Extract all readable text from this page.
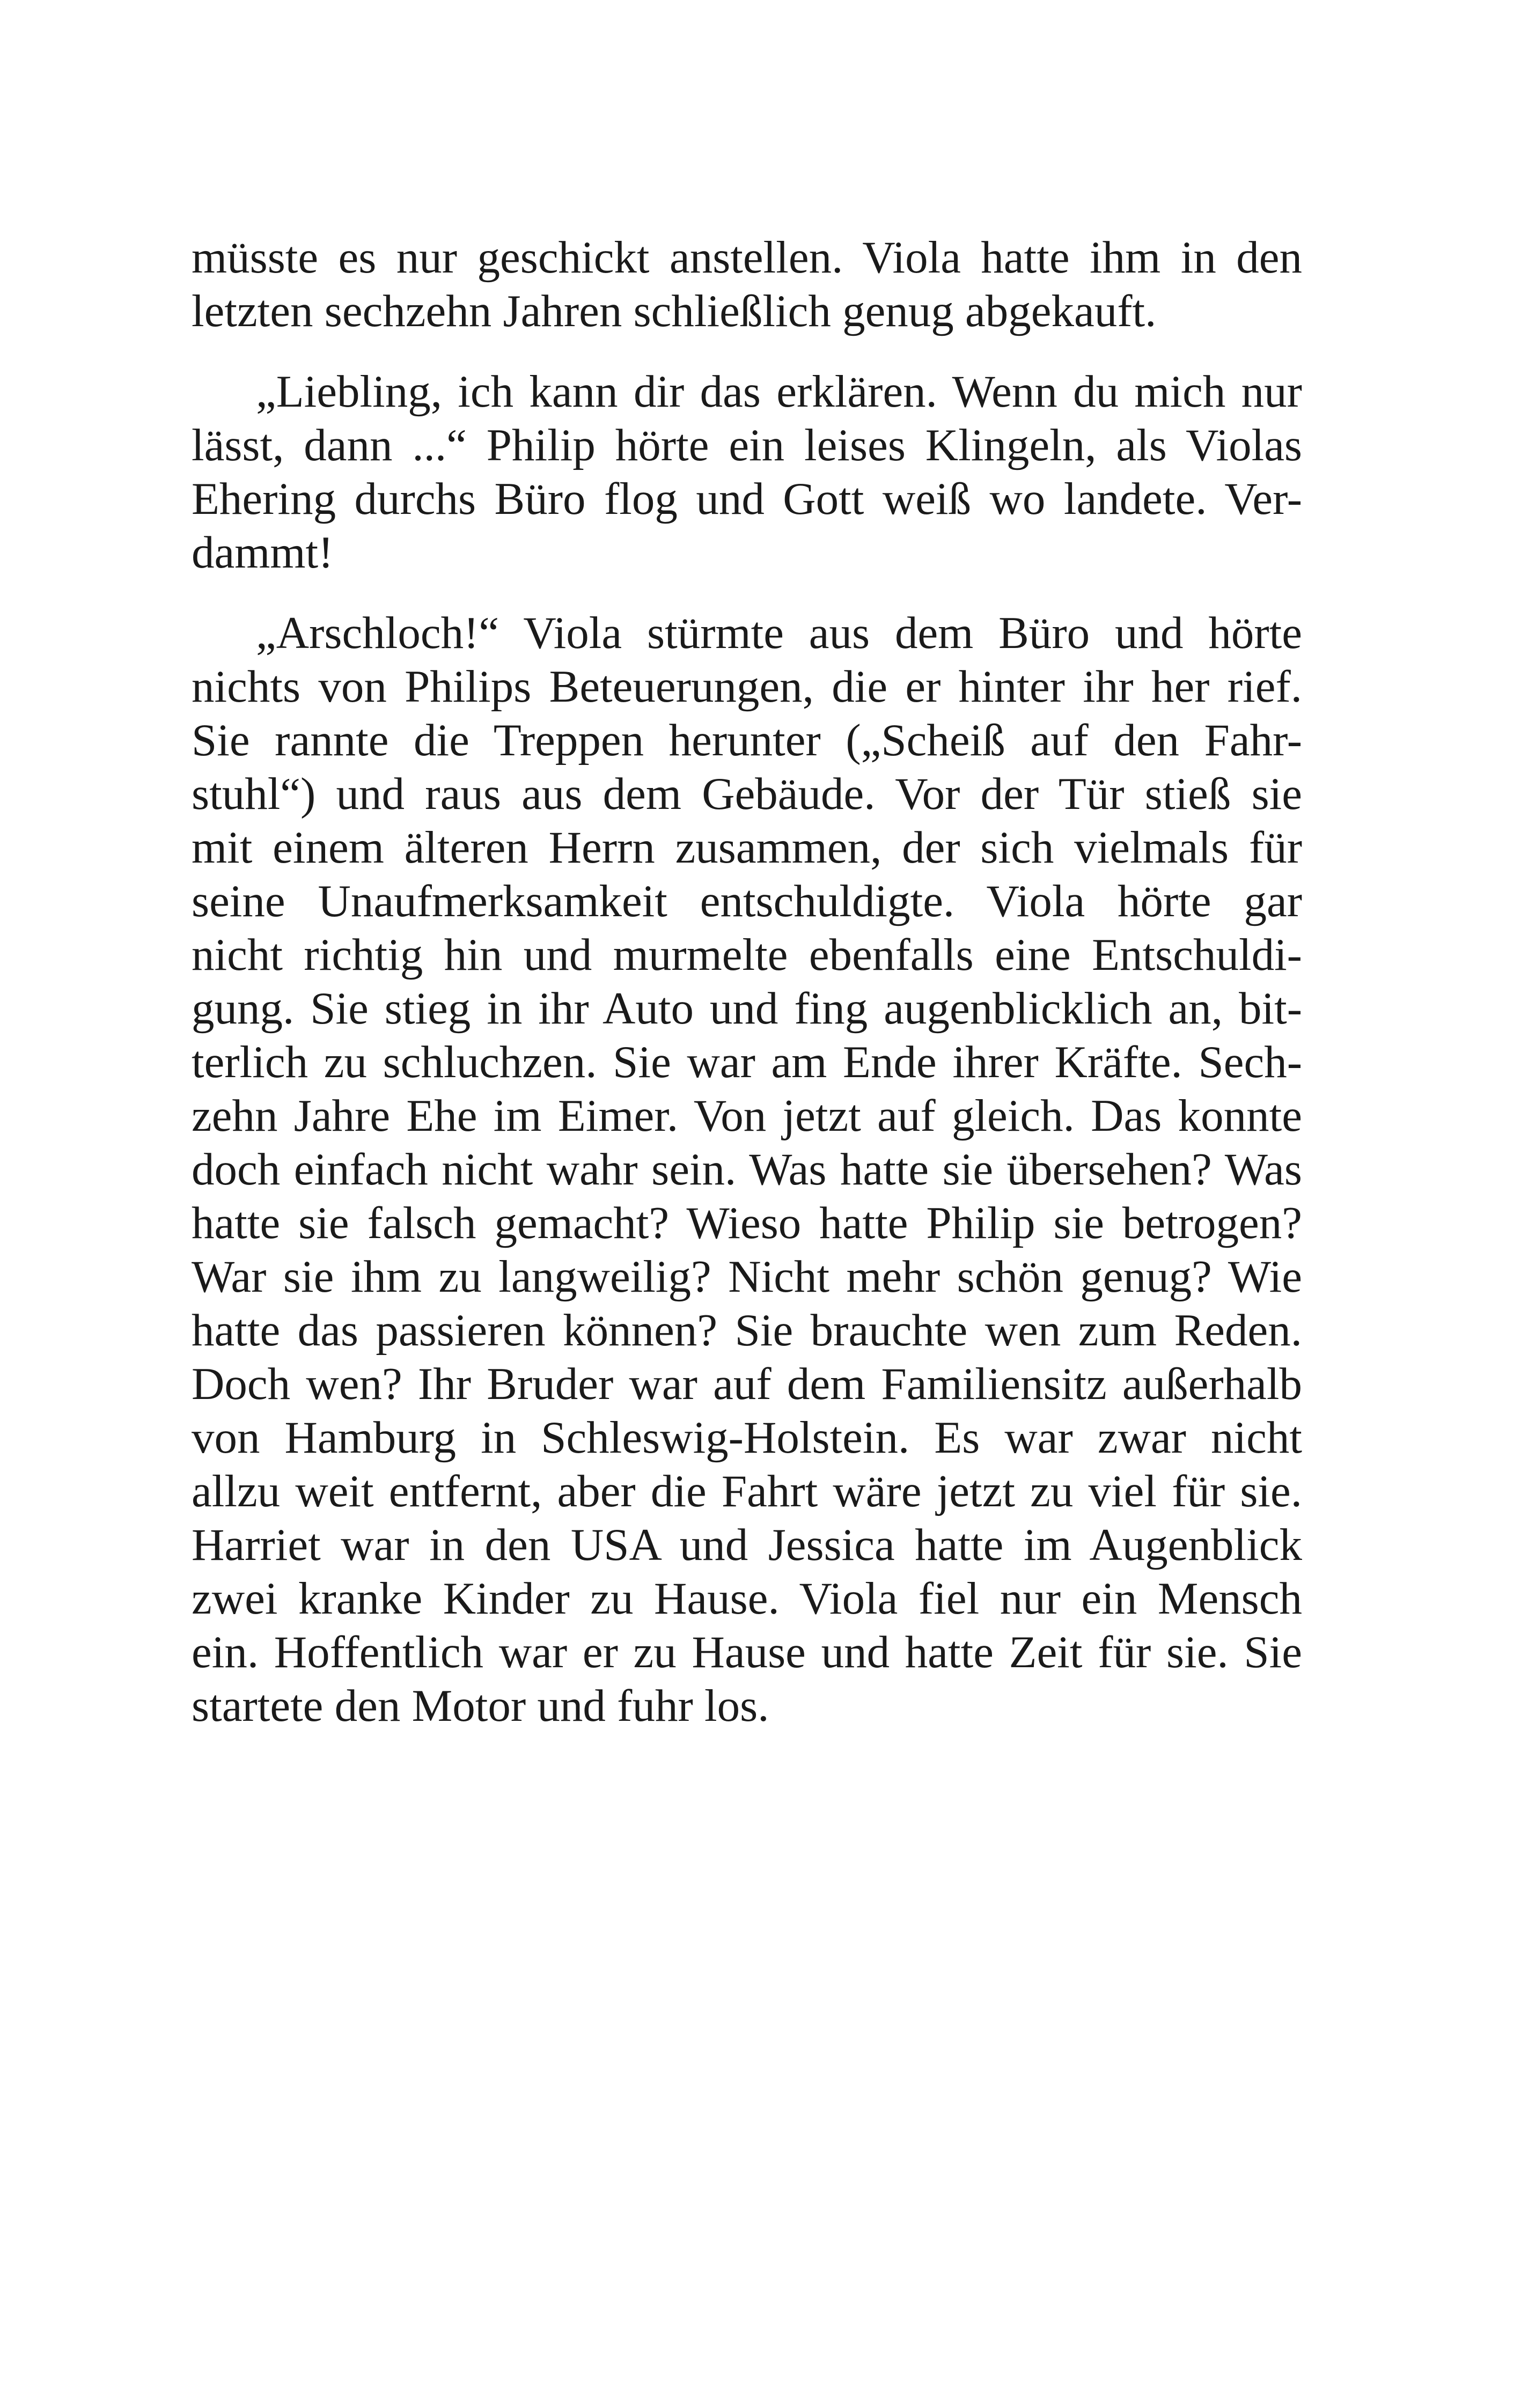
müsste es nur geschickt anstellen. Viola hatte ihm in den
letzten sechzehn Jahren schließlich genug abgekauft.

„Liebling, ich kann dir das erklären. Wenn du mich nur
lässt, dann ...“ Philip hörte ein leises Klingeln, als Violas
Ehering durchs Büro flog und Gott weiß wo landete. Ver-
dammt!

„Arschloch!“ Viola stürmte aus dem Büro und hörte
nichts von Philips Beteuerungen, die er hinter ihr her rief.
Sie rannte die Treppen herunter („Scheiß auf den Fahr-
stuhl“) und raus aus dem Gebäude. Vor der Tür stieß sie
mit einem älteren Herrn zusammen, der sich vielmals für
seine Unaufmerksamkeit entschuldigte. Viola hörte gar
nicht richtig hin und murmelte ebenfalls eine Entschuldi-
gung. Sie stieg in ihr Auto und fing augenblicklich an, bit-
terlich zu schluchzen. Sie war am Ende ihrer Kräfte. Sech-
zehn Jahre Ehe im Eimer. Von jetzt auf gleich. Das konnte
doch einfach nicht wahr sein. Was hatte sie übersehen? Was
hatte sie falsch gemacht? Wieso hatte Philip sie betrogen?
War sie ihm zu langweilig? Nicht mehr schön genug? Wie
hatte das passieren können? Sie brauchte wen zum Reden.
Doch wen? Ihr Bruder war auf dem Familiensitz außerhalb
von Hamburg in Schleswig-Holstein. Es war zwar nicht
allzu weit entfernt, aber die Fahrt wäre jetzt zu viel für sie.
Harriet war in den USA und Jessica hatte im Augenblick
zwei kranke Kinder zu Hause. Viola fiel nur ein Mensch
ein. Hoffentlich war er zu Hause und hatte Zeit für sie. Sie
startete den Motor und fuhr los.
